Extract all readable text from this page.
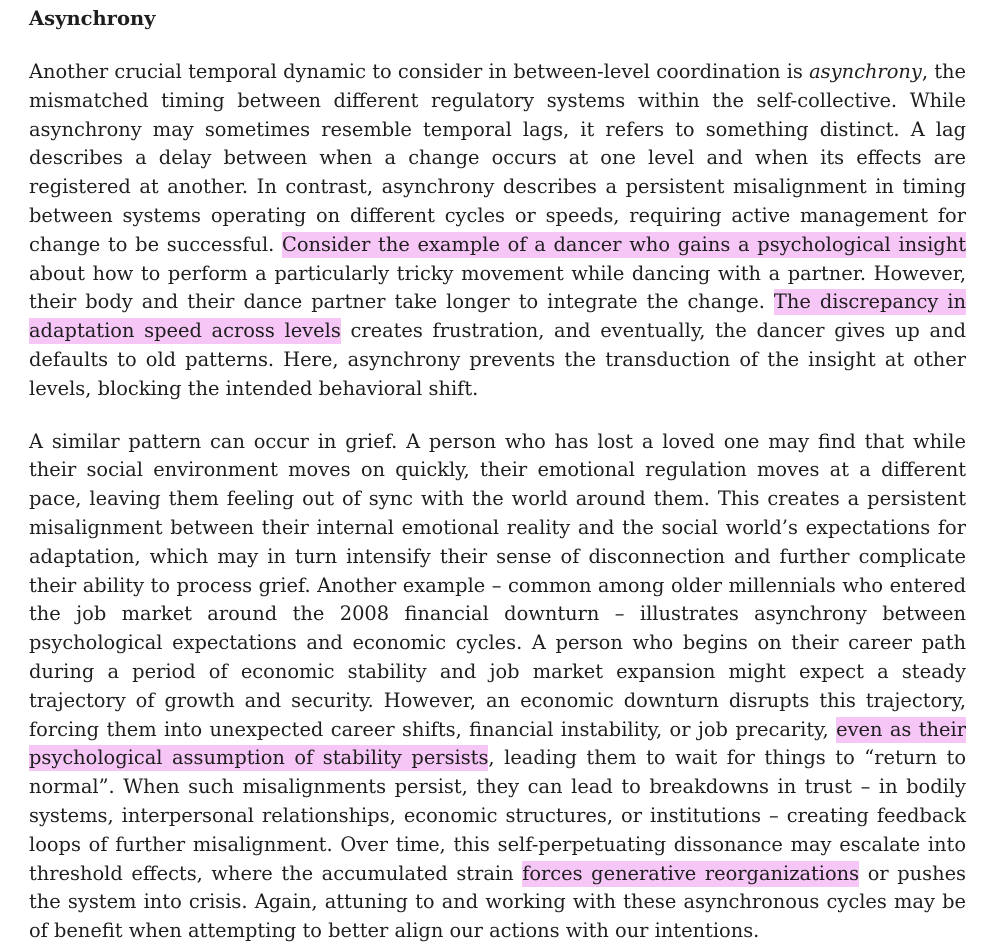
Asynchrony

Another crucial temporal dynamic to consider in between-level coordination is asynchrony, the mismatched timing between different regulatory systems within the self-collective. While asynchrony may sometimes resemble temporal lags, it refers to something distinct. A lag describes a delay between when a change occurs at one level and when its effects are registered at another. In contrast, asynchrony describes a persistent misalignment in timing between systems operating on different cycles or speeds, requiring active management for change to be successful. Consider the example of a dancer who gains a psychological insight about how to perform a particularly tricky movement while dancing with a partner. However, their body and their dance partner take longer to integrate the change. The discrepancy in adaptation speed across levels creates frustration, and eventually, the dancer gives up and defaults to old patterns. Here, asynchrony prevents the transduction of the insight at other levels, blocking the intended behavioral shift.

A similar pattern can occur in grief. A person who has lost a loved one may find that while their social environment moves on quickly, their emotional regulation moves at a different pace, leaving them feeling out of sync with the world around them. This creates a persistent misalignment between their internal emotional reality and the social world’s expectations for adaptation, which may in turn intensify their sense of disconnection and further complicate their ability to process grief. Another example – common among older millennials who entered the job market around the 2008 financial downturn – illustrates asynchrony between psychological expectations and economic cycles. A person who begins on their career path during a period of economic stability and job market expansion might expect a steady trajectory of growth and security. However, an economic downturn disrupts this trajectory, forcing them into unexpected career shifts, financial instability, or job precarity, even as their psychological assumption of stability persists, leading them to wait for things to “return to normal”. When such misalignments persist, they can lead to breakdowns in trust – in bodily systems, interpersonal relationships, economic structures, or institutions – creating feedback loops of further misalignment. Over time, this self-perpetuating dissonance may escalate into threshold effects, where the accumulated strain forces generative reorganizations or pushes the system into crisis. Again, attuning to and working with these asynchronous cycles may be of benefit when attempting to better align our actions with our intentions.
